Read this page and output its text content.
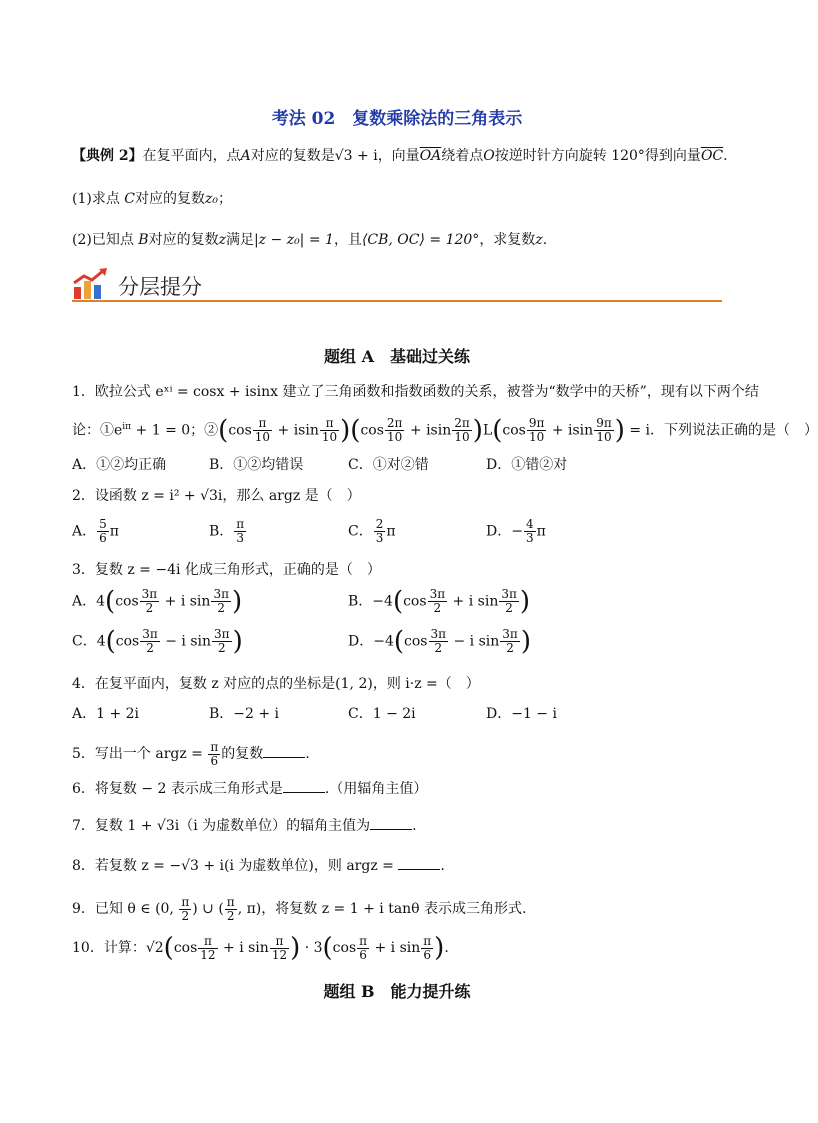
考法 02　复数乘除法的三角表示
【典例 2】在复平面内，点A对应的复数是√3 + i，向量$\overline{OA}$绕着点O按逆时针方向旋转 120°得到向量$\overline{OC}$.
(1)求点 C对应的复数z₀；
(2)已知点 B对应的复数z满足|z − z₀| = 1，且⟨CB, OC⟩ = 120°，求复数z.
分层提分
题组 A　基础过关练
1．欧拉公式 eˣⁱ = cosx + isinx 建立了三角函数和指数函数的关系，被誉为“数学中的天桥”，现有以下两个结
论：$①e^{i\pi} + 1 = 0$；②(cos $\frac{\pi}{10} + isin \frac{\pi}{10} )(\cos \frac{2\pi}{10} + isin \frac{2\pi}{10} )L(\cos \frac{9\pi}{10} + isin \frac{9\pi}{10}$ ) = i．下列说法正确的是（　）
A．①②均正确	B．①②均错误	C．①对②错	D．①错②对
2．设函数 z = i² + √3i，那么 argz 是（　）
A． $\frac{5}{6}$ π	B． $\frac{\pi}{3}$	C． $\frac{2}{3}$ π	D．− $\frac{4}{3}$ π
3．复数 z = −4i 化成三角形式，正确的是（　）
A．$4(\cos \frac{3\pi}{2} + i$ $\sin \frac{3\pi}{2}$ )	B．$-4(\cos \frac{3\pi}{2} + i$ $\sin \frac{3\pi}{2}$ )
C．$4(\cos \frac{3\pi}{2} - i$ $\sin \frac{3\pi}{2}$ )	D．$-4(\cos \frac{3\pi}{2} - i$ $\sin \frac{3\pi}{2}$ )
4．在复平面内，复数 z 对应的点的坐标是(1, 2)，则 i·z =（　）
A．1 + 2i	B．−2 + i	C．1 − 2i	D．−1 − i
5．写出一个 argz = $\frac{\pi}{6}$ 的复数	.
6．将复数 − 2 表示成三角形式是	.（用辐角主值）
7．复数 1 + √3i（i 为虚数单位）的辐角主值为	.
8．若复数 z = −√3 + i(i 为虚数单位)，则 argz =	.
9．已知 θ ∈ (0, $\frac{\pi}{2}$ ) ∪ ( $\frac{\pi}{2}$ , π)，将复数 z = 1 + i tanθ 表示成三角形式.
10．计算：$√2(\cos \frac{\pi}{12} + i$ $\sin \frac{\pi}{12}$ ) · $3(\cos \frac{\pi}{6} + i$ $\sin \frac{\pi}{6}$ ).
题组 B　能力提升练
